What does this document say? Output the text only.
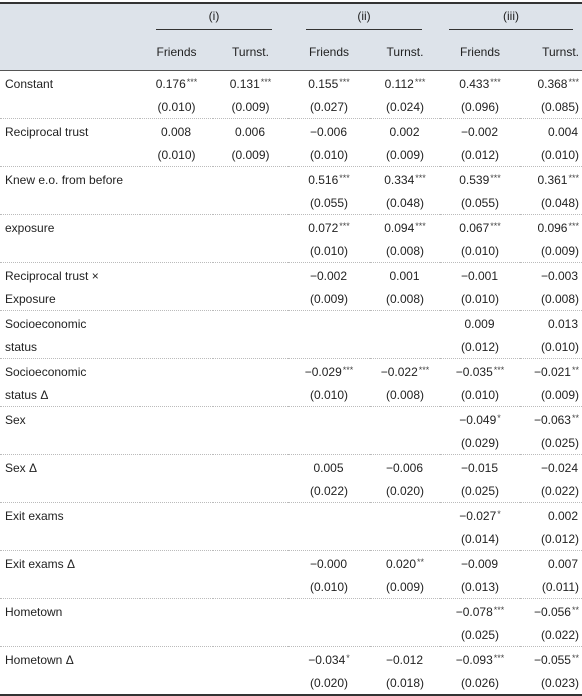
	(i)		(ii)		(iii)	
	Friends	Turnst.	Friends	Turnst.	Friends	Turnst.
Constant	0.176***	0.131***	0.155***	0.112***	0.433***	0.368***
	(0.010)	(0.009)	(0.027)	(0.024)	(0.096)	(0.085)
Reciprocal trust	0.008	0.006	−0.006	0.002	−0.002	0.004
	(0.010)	(0.009)	(0.010)	(0.009)	(0.012)	(0.010)
Knew e.o. from before			0.516***	0.334***	0.539***	0.361***
			(0.055)	(0.048)	(0.055)	(0.048)
exposure			0.072***	0.094***	0.067***	0.096***
			(0.010)	(0.008)	(0.010)	(0.009)
Reciprocal trust ×			−0.002	0.001	−0.001	−0.003
Exposure			(0.009)	(0.008)	(0.010)	(0.008)
Socioeconomic					0.009	0.013
status					(0.012)	(0.010)
Socioeconomic			−0.029***	−0.022***	−0.035***	−0.021**
status Δ			(0.010)	(0.008)	(0.010)	(0.009)
Sex					−0.049*	−0.063**
					(0.029)	(0.025)
Sex Δ			0.005	−0.006	−0.015	−0.024
			(0.022)	(0.020)	(0.025)	(0.022)
Exit exams					−0.027*	0.002
					(0.014)	(0.012)
Exit exams Δ			−0.000	0.020**	−0.009	0.007
			(0.010)	(0.009)	(0.013)	(0.011)
Hometown					−0.078***	−0.056**
					(0.025)	(0.022)
Hometown Δ			−0.034*	−0.012	−0.093***	−0.055**
			(0.020)	(0.018)	(0.026)	(0.023)
